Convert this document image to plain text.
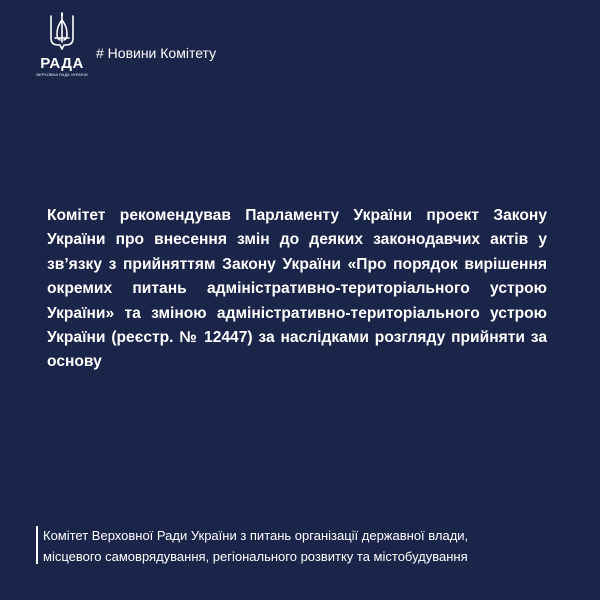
РАДА
ВЕРХОВНА РАДА УКРАЇНИ
# Новини Комітету
Комітет рекомендував Парламенту України проект Закону України про внесення змін до деяких законодавчих актів у зв’язку з прийняттям Закону України «Про порядок вирішення окремих питань адміністративно-територіального устрою України» та зміною адміністративно-територіального устрою України (реєстр. № 12447) за наслідками розгляду прийняти за основу
Комітет Верховної Ради України з питань організації державної влади,
місцевого самоврядування, регіонального розвитку та містобудування
